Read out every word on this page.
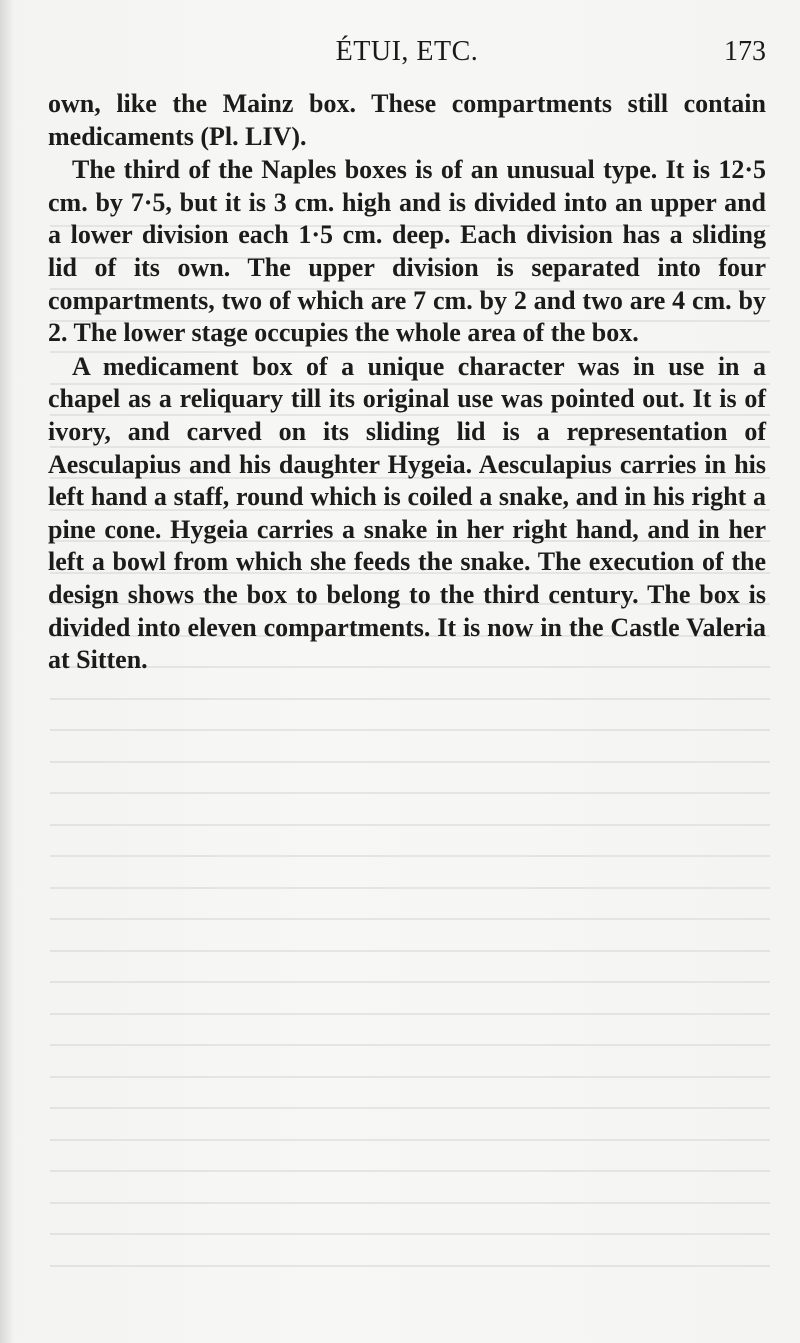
ÉTUI, ETC.	173

own, like the Mainz box. These compartments still contain medicaments (Pl. LIV).

The third of the Naples boxes is of an unusual type. It is 12·5 cm. by 7·5, but it is 3 cm. high and is divided into an upper and a lower division each 1·5 cm. deep. Each division has a sliding lid of its own. The upper division is separated into four compartments, two of which are 7 cm. by 2 and two are 4 cm. by 2. The lower stage occupies the whole area of the box.

A medicament box of a unique character was in use in a chapel as a reliquary till its original use was pointed out. It is of ivory, and carved on its sliding lid is a representation of Aesculapius and his daughter Hygeia. Aesculapius carries in his left hand a staff, round which is coiled a snake, and in his right a pine cone. Hygeia carries a snake in her right hand, and in her left a bowl from which she feeds the snake. The execution of the design shows the box to belong to the third century. The box is divided into eleven compartments. It is now in the Castle Valeria at Sitten.
